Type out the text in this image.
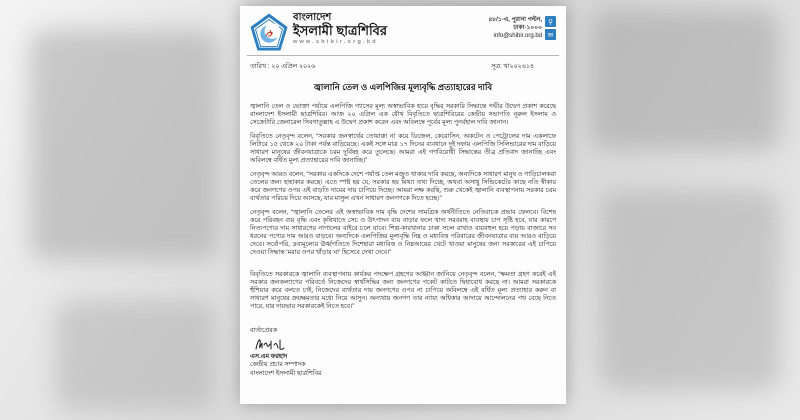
বাংলাদেশ
ইসলামী ছাত্রশিবির
www.shibir.org.bd
৪৮/১-এ, পুরানা পল্টন,
ঢাকা-১০০০
info@shibir.org.bd
⚲
✉
তারিখ : ২০ এপ্রিল ২০২৬	সূত্র: খা২০২৬১৪
জ্বালানি তেল ও এলপিজির মূল্যবৃদ্ধি প্রত্যাহারের দাবি

জ্বালানি তেল ও ভোক্তা পর্যায়ে এলপিজি গ্যাসের মূল্য অস্বাভাবিক হারে বৃদ্ধির সরকারি সিদ্ধান্তে গভীর উদ্বেগ প্রকাশ করেছে বাংলাদেশ ইসলামী ছাত্রশিবির। আজ ২০ এপ্রিল এক যৌথ বিবৃতিতে ছাত্রশিবিরের কেন্দ্রীয় সভাপতি নূরুল ইসলাম ও সেক্রেটারি জেনারেল সিবগাতুল্লাহ এ উদ্বেগ প্রকাশ করেন এবং অবিলম্বে পূর্বের মূল্য পুনর্বহাল দাবি জানান।

বিবৃতিতে নেতৃবৃন্দ বলেন, “সরকার জনস্বার্থের তোয়াক্কা না করে ডিজেল, কেরোসিন, অকটেন ও পেট্রোলের দাম একলাফে লিটারে ১৫ থেকে ২০ টাকা পর্যন্ত বাড়িয়েছে। একই সঙ্গে মাত্র ১৭ দিনের ব্যবধানে দুই দফায় এলপিজি সিলিন্ডারের দাম বাড়িয়ে সাধারণ মানুষের জীবনযাত্রাকে চরম দুর্বিষহ করে তুলেছে। আমরা এই গণবিরোধী সিদ্ধান্তের তীব্র প্রতিবাদ জানাচ্ছি এবং অবিলম্বে বর্ধিত মূল্য প্রত্যাহারের দাবি জানাচ্ছি।”

নেতৃবৃন্দ আরও বলেন, “সরকার একদিকে দেশে পর্যাপ্ত তেল মজুত থাকার দাবি করছে, অন্যদিকে সাধারণ মানুষ ও গাড়িচালকরা তেলের জন্য হাহাকার করছে। এতে স্পষ্ট হয় যে, সরকার হয় মিথ্যা তথ্য দিচ্ছে, অথবা অসাধু সিন্ডিকেটের কাছে নতি স্বীকার করে জনগণের ওপর এই বাড়তি দামের দায় চাপিয়ে দিচ্ছে। আমরা লক্ষ করছি, শুরু থেকেই জ্বালানি ব্যবস্থাপনায় সরকার চরম ব্যর্থতার পরিচয় দিয়ে আসছে, যার মাসুল এখন সাধারণ জনগণকে দিতে হচ্ছে।”

নেতৃবৃন্দ বলেন, “জ্বালানি তেলের এই অস্বাভাবিক দাম বৃদ্ধি দেশের সামগ্রিক অর্থনীতিতে নেতিবাচক প্রভাব ফেলবে। বিশেষ করে পরিবহন ব্যয় বৃদ্ধি এবং কৃষিখাতে সেচ ও উৎপাদন ব্যয় বাড়ার ফলে খাদ্য সরবরাহ ব্যবস্থায় চাপ সৃষ্টি হবে, যার কারণে নিত্যপণ্যের দাম সাধারণের নাগালের বাইরে চলে যাবে। শিল্প-কারখানার চাকা সচল রাখাও ব্যয়বহুল হয়ে পড়ায় বাজারে সব ধরনের পণ্যের দাম আরও বাড়বে। অন্যদিকে এলপিজির মূল্যবৃদ্ধি নিম্ন ও মধ্যবিত্ত পরিবারের জীবনযাত্রার ব্যয় আরও বাড়িয়ে দেবে। সর্বোপরি, দ্রব্যমূল্যের ঊর্ধ্বগতিতে দিশেহারা মধ্যবিত্ত ও নিম্নআয়ের খেটে খাওয়া মানুষের জন্য সরকারের এই চাপিয়ে দেওয়া সিদ্ধান্ত ‘মরার ওপর খাঁড়ার ঘা’ হিসেবে দেখা দেবে।”

বিবৃতিতে সরকারকে জ্বালানি ব্যবস্থাপনায় কার্যকর পদক্ষেপ গ্রহণের আহ্বান জানিয়ে নেতৃবৃন্দ বলেন, “ক্ষমতা গ্রহণ করেই এই সরকার জনকল্যাণের পরিবর্তে নিজেদের স্বার্থসিদ্ধির জন্য জনগণের পকেট কাটতে দ্বিধাবোধ করছে না। আমরা সরকারকে হুঁশিয়ার করে বলতে চাই, নিজেদের ব্যর্থতার দায় জনগণের ওপর না চাপিয়ে অবিলম্বে এই বর্ধিত মূল্য প্রত্যাহার করুন বা সাধারণ মানুষের ক্রয়ক্ষমতার মধ্যে নিয়ে আসুন। অন্যথায় জনগণ তার ন্যায্য অধিকার আদায়ে আন্দোলনের পথ বেছে নিতে পারে, যার দায়ভার সরকারকেই নিতে হবে।”

বার্তাপ্রেরক
এস.এম ফরহাদ
কেন্দ্রীয় প্রচার সম্পাদক
বাংলাদেশ ইসলামী ছাত্রশিবির
